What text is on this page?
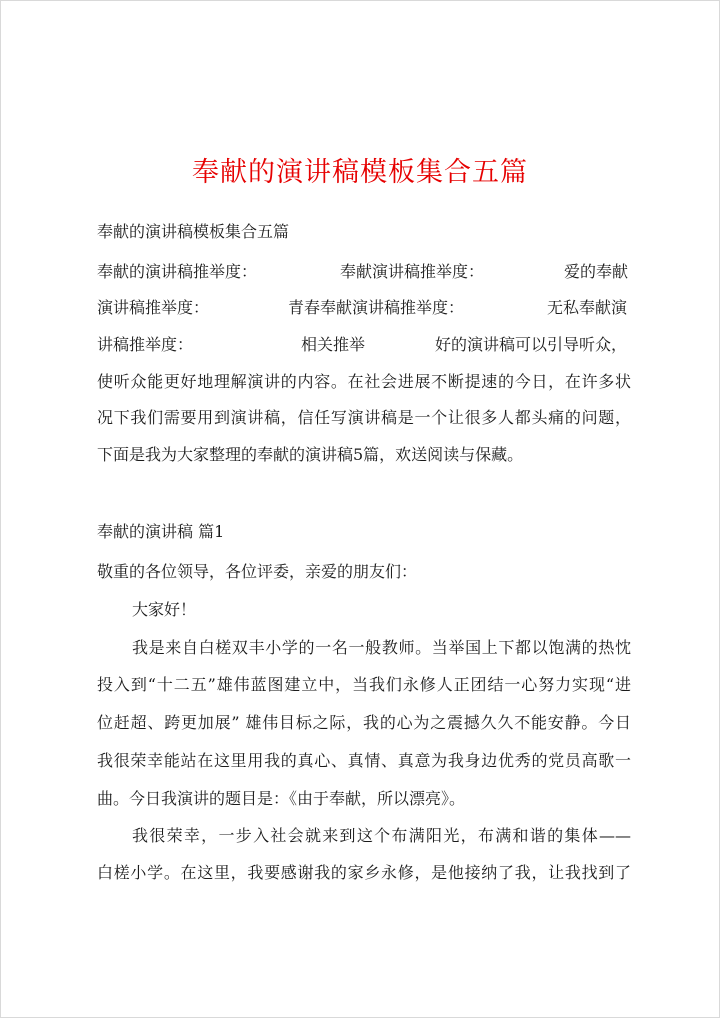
奉献的演讲稿模板集合五篇
奉献的演讲稿模板集合五篇
奉献的演讲稿推举度：	奉献演讲稿推举度：	爱的奉献
演讲稿推举度：	青春奉献演讲稿推举度：	无私奉献演
讲稿推举度：	相关推举	好的演讲稿可以引导听众，
使听众能更好地理解演讲的内容。在社会进展不断提速的今日，在许多状
况下我们需要用到演讲稿，信任写演讲稿是一个让很多人都头痛的问题，
下面是我为大家整理的奉献的演讲稿5篇，欢送阅读与保藏。
奉献的演讲稿 篇1
敬重的各位领导，各位评委，亲爱的朋友们：
大家好！
我是来自白槎双丰小学的一名一般教师。当举国上下都以饱满的热忱
投入到“十二五”雄伟蓝图建立中，当我们永修人正团结一心努力实现“进
位赶超、跨更加展” 雄伟目标之际，我的心为之震撼久久不能安静。今日
我很荣幸能站在这里用我的真心、真情、真意为我身边优秀的党员高歌一
曲。今日我演讲的题目是：《由于奉献，所以漂亮》。
我很荣幸，一步入社会就来到这个布满阳光，布满和谐的集体——
白槎小学。在这里，我要感谢我的家乡永修，是他接纳了我，让我找到了
